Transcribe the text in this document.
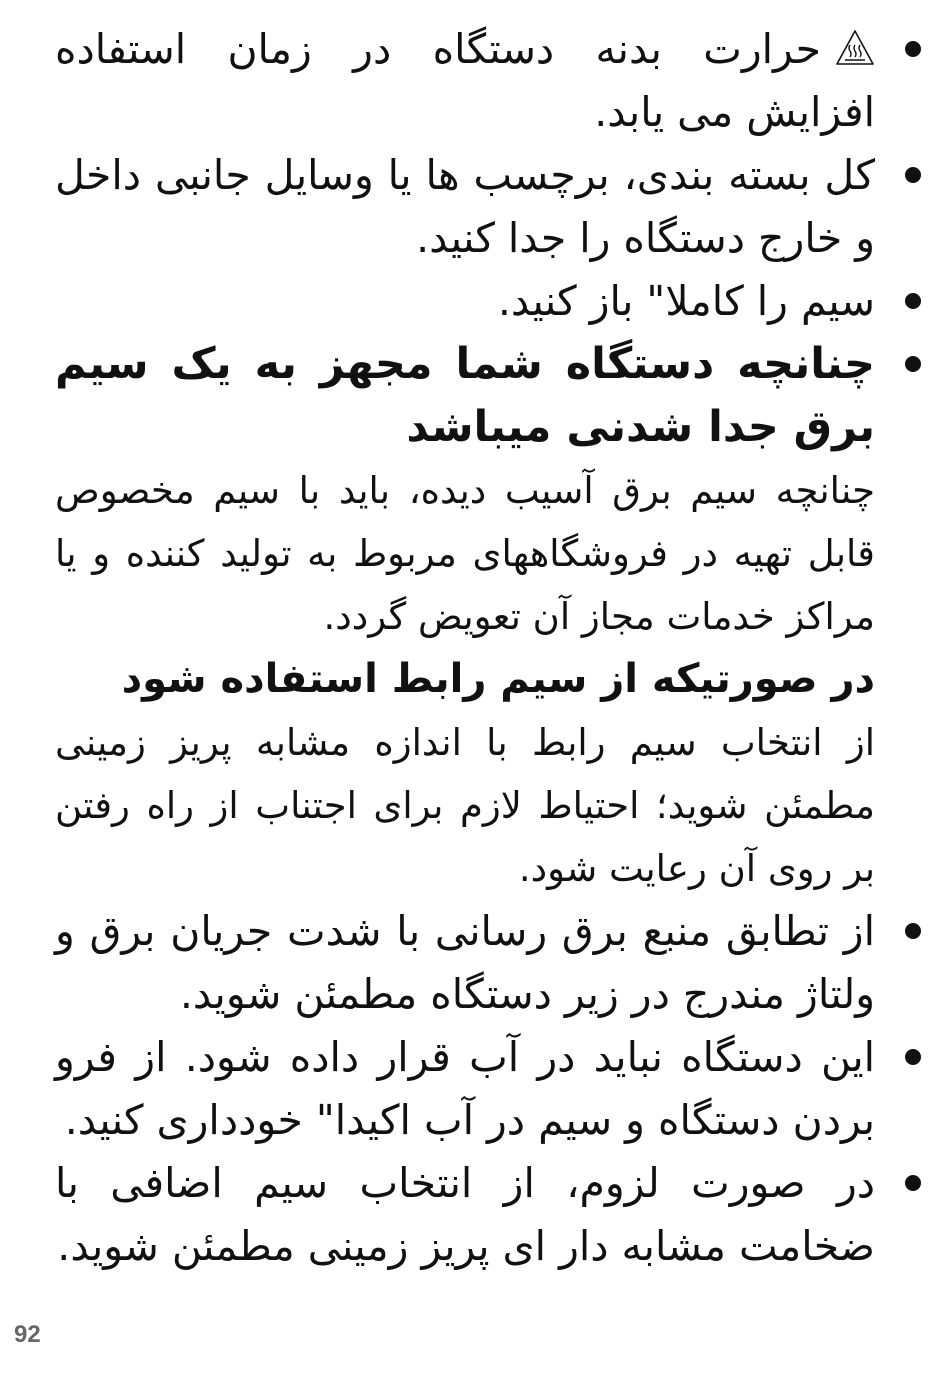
حرارت بدنه دستگاه در زمان استفاده افزایش می یابد.
کل بسته بندی، برچسب ها یا وسایل جانبی داخل و خارج دستگاه را جدا کنید.
سیم را کاملا" باز کنید.
چنانچه دستگاه شما مجهز به یک سیم برق جدا شدنی میباشد

چنانچه سیم برق آسیب دیده، باید با سیم مخصوص قابل تهیه در فروشگاههای مربوط به تولید کننده و یا مراکز خدمات مجاز آن تعویض گردد.

در صورتیکه از سیم رابط استفاده شود

از انتخاب سیم رابط با اندازه مشابه پریز زمینی مطمئن شوید؛ احتیاط لازم برای اجتناب از راه رفتن بر روی آن رعایت شود.

از تطابق منبع برق رسانی با شدت جریان برق و ولتاژ مندرج در زیر دستگاه مطمئن شوید.
این دستگاه نباید در آب قرار داده شود. از فرو بردن دستگاه و سیم در آب اکیدا" خودداری کنید.
در صورت لزوم، از انتخاب سیم اضافی با ضخامت مشابه دار ای پریز زمینی مطمئن شوید.
92
